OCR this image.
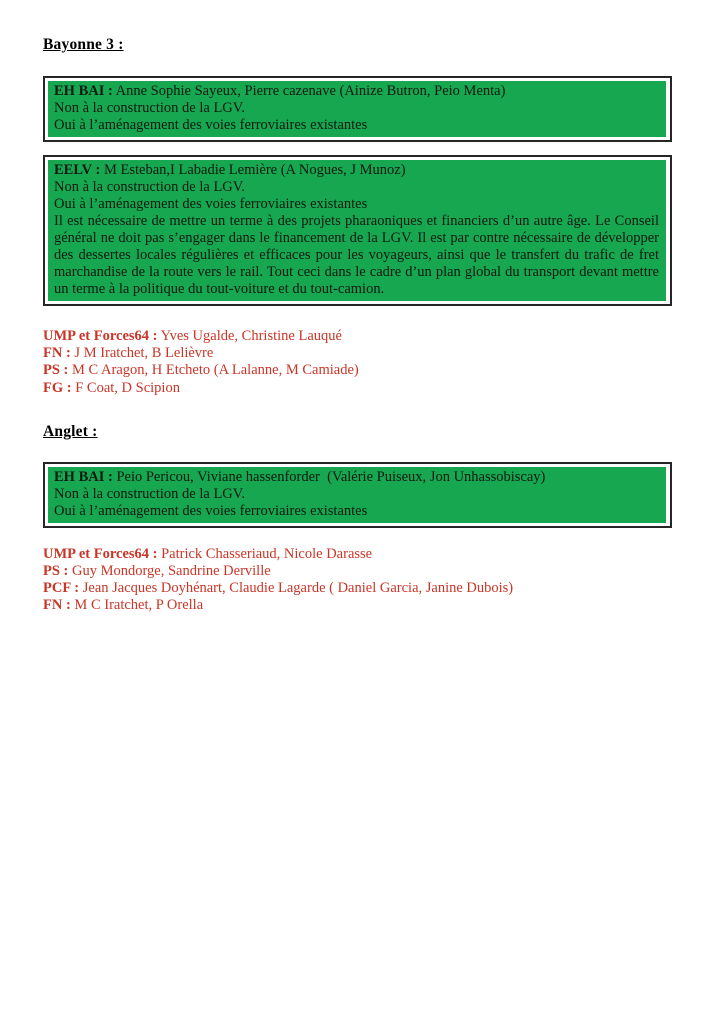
Bayonne 3 :
EH BAI : Anne Sophie Sayeux, Pierre cazenave (Ainize Butron, Peio Menta)
Non à la construction de la LGV.
Oui à l’aménagement des voies ferroviaires existantes
EELV : M Esteban,I Labadie Lemière (A Nogues, J Munoz)
Non à la construction de la LGV.
Oui à l’aménagement des voies ferroviaires existantes

Il est nécessaire de mettre un terme à des projets pharaoniques et financiers d’un autre âge. Le Conseil général ne doit pas s’engager dans le financement de la LGV. Il est par contre nécessaire de développer des dessertes locales régulières et efficaces pour les voyageurs, ainsi que le transfert du trafic de fret marchandise de la route vers le rail. Tout ceci dans le cadre d’un plan global du transport devant mettre un terme à la politique du tout-voiture et du tout-camion.

UMP et Forces64 : Yves Ugalde, Christine Lauqué
FN : J M Iratchet, B Lelièvre
PS : M C Aragon, H Etcheto (A Lalanne, M Camiade)
FG : F Coat, D Scipion
Anglet :
EH BAI : Peio Pericou, Viviane hassenforder  (Valérie Puiseux, Jon Unhassobiscay)
Non à la construction de la LGV.
Oui à l’aménagement des voies ferroviaires existantes
UMP et Forces64 : Patrick Chasseriaud, Nicole Darasse
PS : Guy Mondorge, Sandrine Derville
PCF : Jean Jacques Doyhénart, Claudie Lagarde ( Daniel Garcia, Janine Dubois)
FN : M C Iratchet, P Orella
